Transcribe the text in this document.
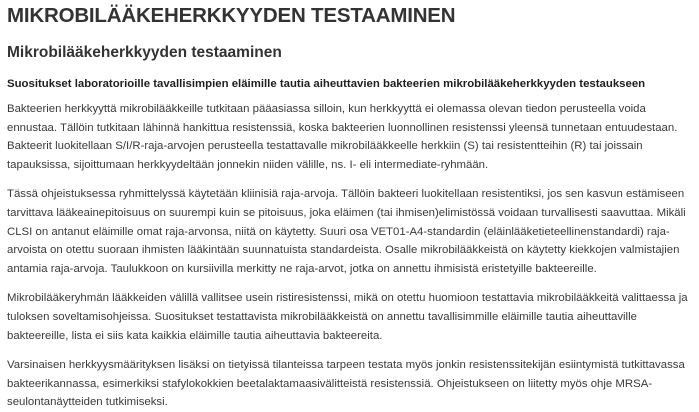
MIKROBILÄÄKEHERKKYYDEN TESTAAMINEN
Mikrobilääkeherkkyyden testaaminen

Suositukset laboratorioille tavallisimpien eläimille tautia aiheuttavien bakteerien mikrobilääkeherkkyyden testaukseen

Bakteerien herkkyyttä mikrobilääkkeille tutkitaan pääasiassa silloin, kun herkkyyttä ei olemassa olevan tiedon perusteella voida ennustaa. Tällöin tutkitaan lähinnä hankittua resistenssiä, koska bakteerien luonnollinen resistenssi yleensä tunnetaan entuudestaan. Bakteerit luokitellaan S/I/R-raja-arvojen perusteella testattavalle mikrobilääkkeelle herkkiin (S) tai resistentteihin (R) tai joissain tapauksissa, sijoittumaan herkkyydeltään jonnekin niiden välille, ns. I- eli intermediate-ryhmään.

Tässä ohjeistuksessa ryhmittelyssä käytetään kliinisiä raja-arvoja. Tällöin bakteeri luokitellaan resistentiksi, jos sen kasvun estämiseen tarvittava lääkeainepitoisuus on suurempi kuin se pitoisuus, joka eläimen (tai ihmisen)elimistössä voidaan turvallisesti saavuttaa. Mikäli CLSI on antanut eläimille omat raja-arvonsa, niitä on käytetty. Suuri osa VET01-A4-standardin (eläinlääketieteellinenstandardi) raja-arvoista on otettu suoraan ihmisten lääkintään suunnatuista standardeista. Osalle mikrobilääkkeistä on käytetty kiekkojen valmistajien antamia raja-arvoja. Taulukkoon on kursiivilla merkitty ne raja-arvot, jotka on annettu ihmisistä eristetyille bakteereille.

Mikrobilääkeryhmän lääkkeiden välillä vallitsee usein ristiresistenssi, mikä on otettu huomioon testattavia mikrobilääkkeitä valittaessa ja tuloksen soveltamisohjeissa. Suositukset testattavista mikrobilääkkeistä on annettu tavallisimmille eläimille tautia aiheuttaville bakteereille, lista ei siis kata kaikkia eläimille tautia aiheuttavia bakteereita.

Varsinaisen herkkyysmäärityksen lisäksi on tietyissä tilanteissa tarpeen testata myös jonkin resistenssitekijän esiintymistä tutkittavassa bakteerikannassa, esimerkiksi stafylokokkien beetalaktamaasivälitteistä resistenssiä. Ohjeistukseen on liitetty myös ohje MRSA-seulontanäytteiden tutkimiseksi.
